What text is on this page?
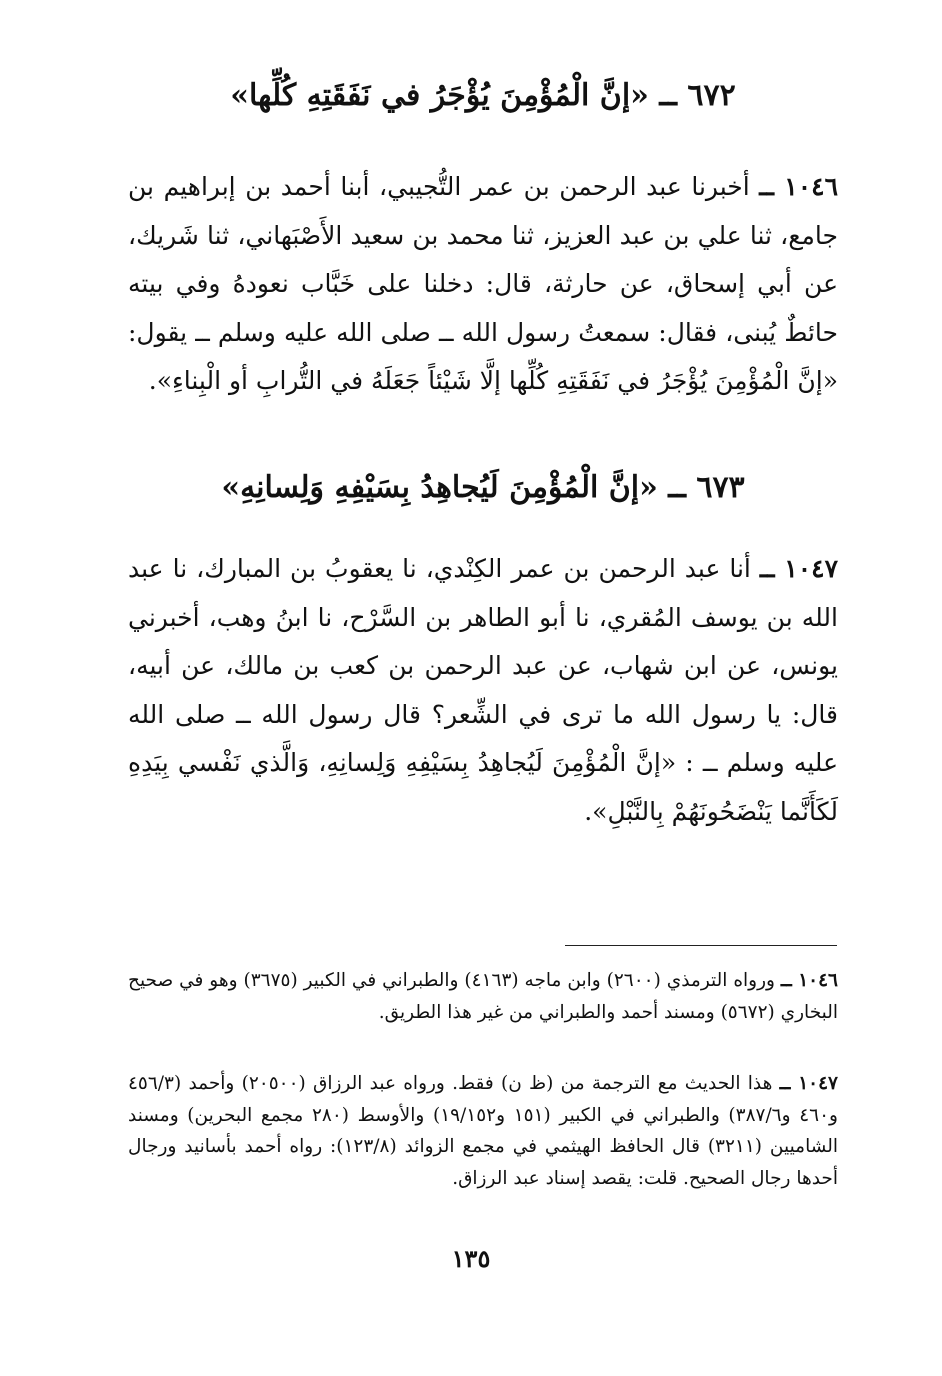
٦٧٢ ــ «إنَّ الْمُؤْمِنَ يُؤْجَرُ في نَفَقَتِهِ كُلِّها»
١٠٤٦ ــ أخبرنا عبد الرحمن بن عمر التُّجيبي، أبنا أحمد بن إبراهيم بن جامع، ثنا علي بن عبد العزيز، ثنا محمد بن سعيد الأَصْبَهاني، ثنا شَريك، عن أبي إسحاق، عن حارثة، قال: دخلنا على خَبَّاب نعودهُ وفي بيته حائطٌ يُبنى، فقال: سمعتُ رسول الله ــ صلى الله عليه وسلم ــ يقول: «إنَّ الْمُؤْمِنَ يُؤْجَرُ في نَفَقَتِهِ كُلِّها إلَّا شَيْئاً جَعَلَهُ في التُّرابِ أو الْبِناءِ».
٦٧٣ ــ «إنَّ الْمُؤْمِنَ لَيُجاهِدُ بِسَيْفِهِ وَلِسانِهِ»
١٠٤٧ ــ أنا عبد الرحمن بن عمر الكِنْدي، نا يعقوبُ بن المبارك، نا عبد الله بن يوسف المُقري، نا أبو الطاهر بن السَّرْح، نا ابنُ وهب، أخبرني يونس، عن ابن شهاب، عن عبد الرحمن بن كعب بن مالك، عن أبيه، قال: يا رسول الله ما ترى في الشِّعر؟ قال رسول الله ــ صلى الله عليه وسلم ــ : «إنَّ الْمُؤْمِنَ لَيُجاهِدُ بِسَيْفِهِ وَلِسانِهِ، وَالَّذي نَفْسي بِيَدِهِ لَكَأَنَّما يَنْضَحُونَهُمْ بِالنَّبْلِ».
١٠٤٦ ــ ورواه الترمذي (٢٦٠٠) وابن ماجه (٤١٦٣) والطبراني في الكبير (٣٦٧٥) وهو في صحيح البخاري (٥٦٧٢) ومسند أحمد والطبراني من غير هذا الطريق.
١٠٤٧ ــ هذا الحديث مع الترجمة من (ظ ن) فقط. ورواه عبد الرزاق (٢٠٥٠٠) وأحمد (٤٥٦/٣ و٤٦٠ و٣٨٧/٦) والطبراني في الكبير (١٥١ و١٩/١٥٢) والأوسط (٢٨٠ مجمع البحرين) ومسند الشاميين (٣٢١١) قال الحافظ الهيثمي في مجمع الزوائد (١٢٣/٨): رواه أحمد بأسانيد ورجال أحدها رجال الصحيح. قلت: يقصد إسناد عبد الرزاق.
١٣٥
